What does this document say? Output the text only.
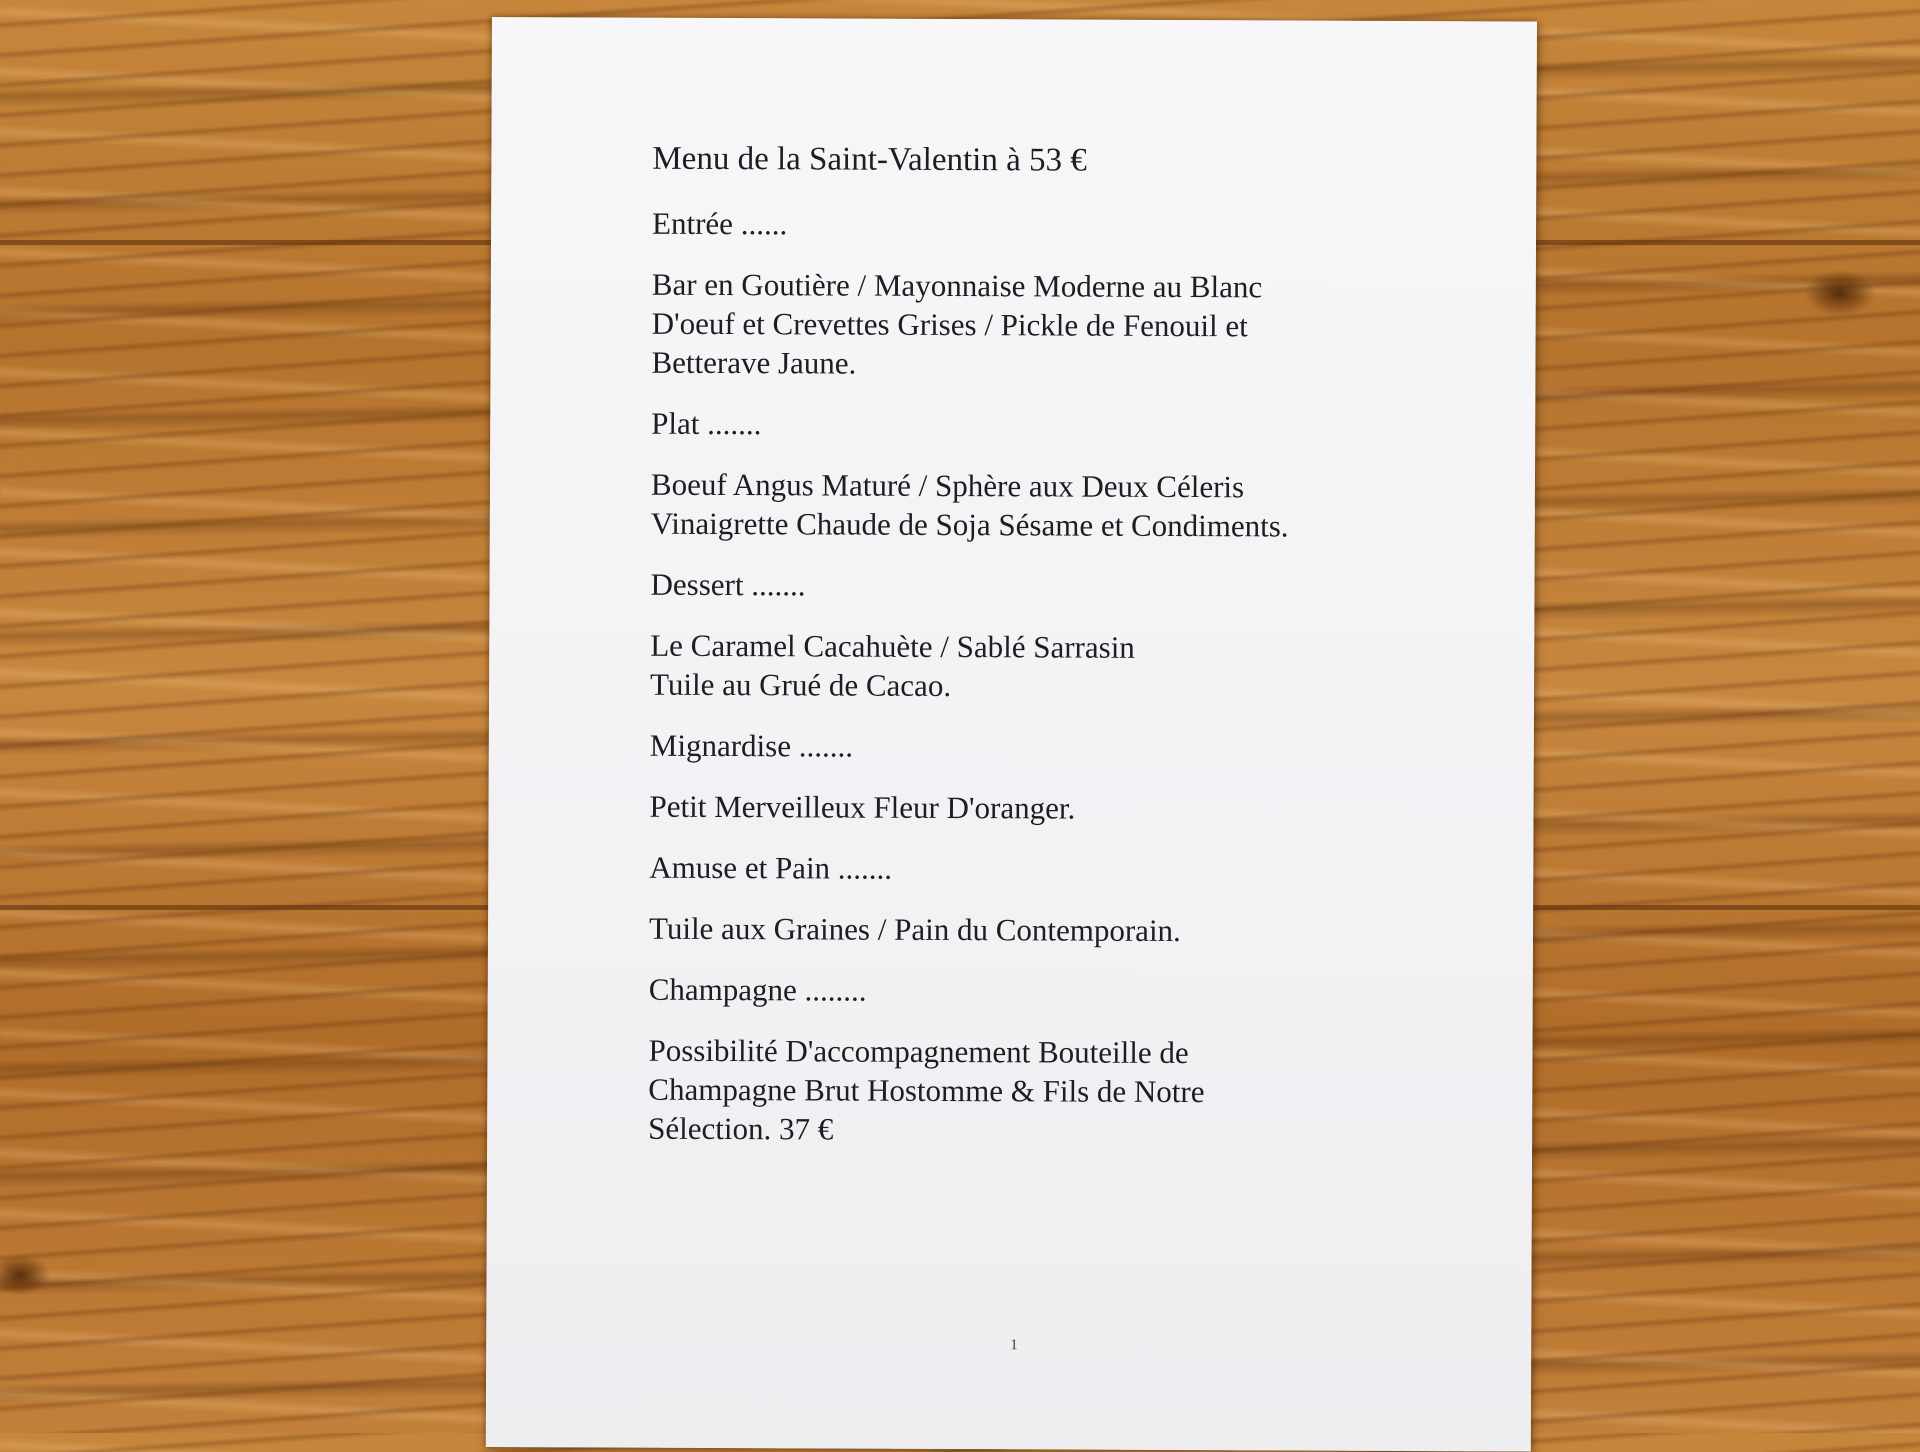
Menu de la Saint-Valentin à 53 €

Entrée ......

Bar en Goutière / Mayonnaise Moderne au Blanc
D'oeuf et Crevettes Grises / Pickle de Fenouil et
Betterave Jaune.

Plat .......

Boeuf Angus Maturé / Sphère aux Deux Céleris
Vinaigrette Chaude de Soja Sésame et Condiments.

Dessert .......

Le Caramel Cacahuète / Sablé Sarrasin
Tuile au Grué de Cacao.

Mignardise .......

Petit Merveilleux Fleur D'oranger.

Amuse et Pain .......

Tuile aux Graines / Pain du Contemporain.

Champagne ........

Possibilité D'accompagnement Bouteille de
Champagne Brut Hostomme & Fils de Notre
Sélection. 37 €

1
